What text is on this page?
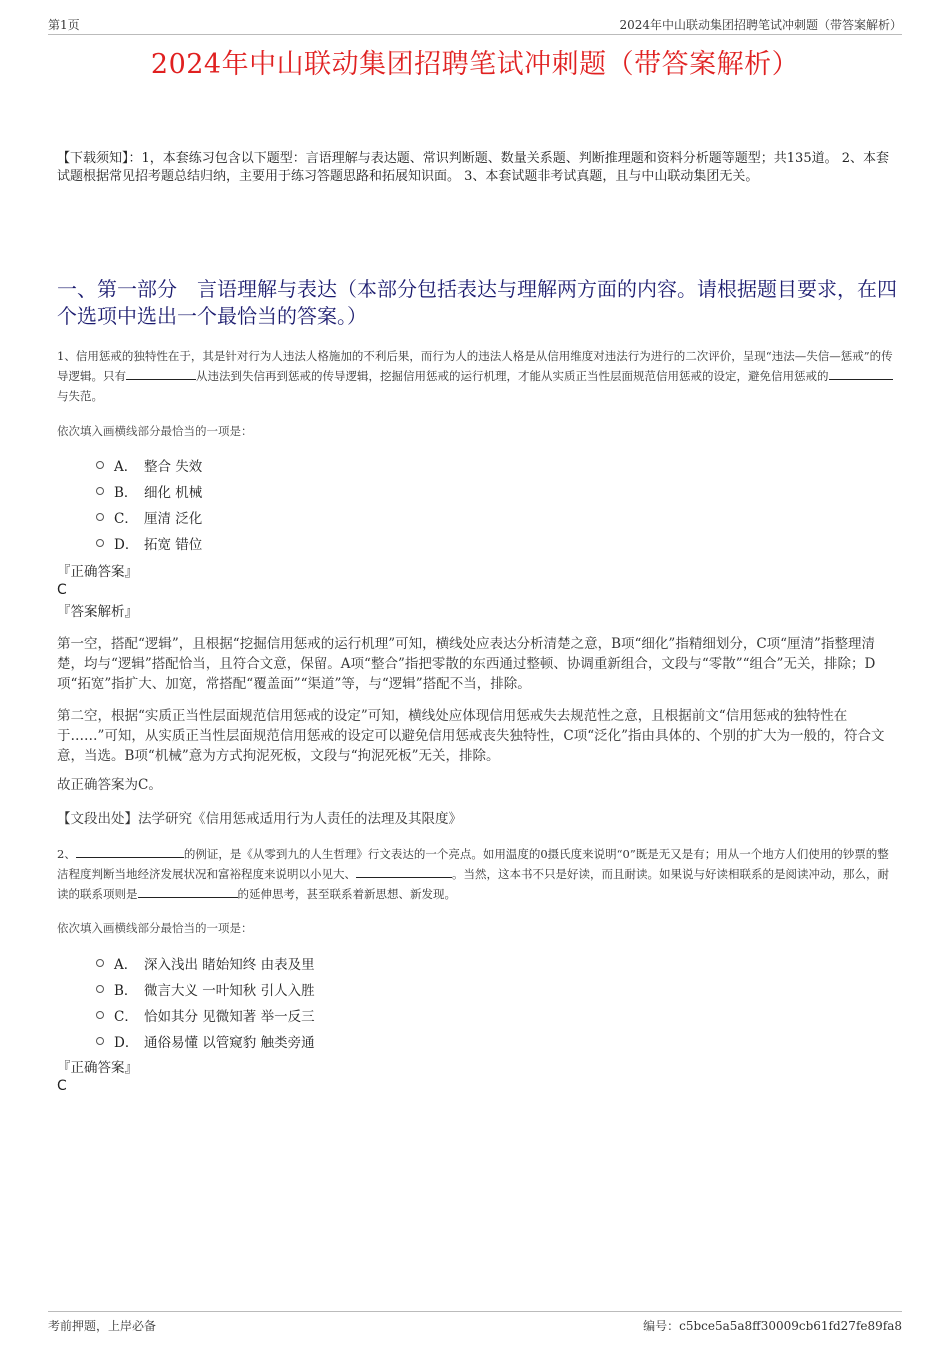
第1页	2024年中山联动集团招聘笔试冲刺题（带答案解析）
2024年中山联动集团招聘笔试冲刺题（带答案解析）
【下载须知】：1，本套练习包含以下题型：言语理解与表达题、常识判断题、数量关系题、判断推理题和资料分析题等题型；共135道。 2、本套试题根据常见招考题总结归纳，主要用于练习答题思路和拓展知识面。 3、本套试题非考试真题，且与中山联动集团无关。
一、第一部分　言语理解与表达（本部分包括表达与理解两方面的内容。请根据题目要求，在四个选项中选出一个最恰当的答案。）
1、信用惩戒的独特性在于，其是针对行为人违法人格施加的不利后果，而行为人的违法人格是从信用维度对违法行为进行的二次评价，呈现“违法—失信—惩戒”的传导逻辑。只有	从违法到失信再到惩戒的传导逻辑，挖掘信用惩戒的运行机理，才能从实质正当性层面规范信用惩戒的设定，避免信用惩戒的与失范。
依次填入画横线部分最恰当的一项是：
A． 整合 失效
B． 细化 机械
C． 厘清 泛化
D． 拓宽 错位
『正确答案』
C
『答案解析』
第一空，搭配“逻辑”，且根据“挖掘信用惩戒的运行机理”可知，横线处应表达分析清楚之意，B项“细化”指精细划分，C项“厘清”指整理清楚，均与“逻辑”搭配恰当，且符合文意，保留。A项“整合”指把零散的东西通过整顿、协调重新组合，文段与“零散”“组合”无关，排除；D项“拓宽”指扩大、加宽，常搭配“覆盖面”“渠道”等，与“逻辑”搭配不当，排除。
第二空，根据“实质正当性层面规范信用惩戒的设定”可知，横线处应体现信用惩戒失去规范性之意，且根据前文“信用惩戒的独特性在于……”可知，从实质正当性层面规范信用惩戒的设定可以避免信用惩戒丧失独特性，C项“泛化”指由具体的、个别的扩大为一般的，符合文意，当选。B项“机械”意为方式拘泥死板，文段与“拘泥死板”无关，排除。
故正确答案为C。
【文段出处】法学研究《信用惩戒适用行为人责任的法理及其限度》
2、	的例证，是《从零到九的人生哲理》行文表达的一个亮点。如用温度的0摄氏度来说明“0”既是无又是有；用从一个地方人们使用的钞票的整洁程度判断当地经济发展状况和富裕程度来说明以小见大、	。当然，这本书不只是好读，而且耐读。如果说与好读相联系的是阅读冲动，那么，耐读的联系项则是	的延伸思考，甚至联系着新思想、新发现。
依次填入画横线部分最恰当的一项是：
A． 深入浅出 睹始知终 由表及里
B． 微言大义 一叶知秋 引人入胜
C． 恰如其分 见微知著 举一反三
D． 通俗易懂 以管窥豹 触类旁通
『正确答案』
C
考前押题，上岸必备	编号：c5bce5a5a8ff30009cb61fd27fe89fa8
